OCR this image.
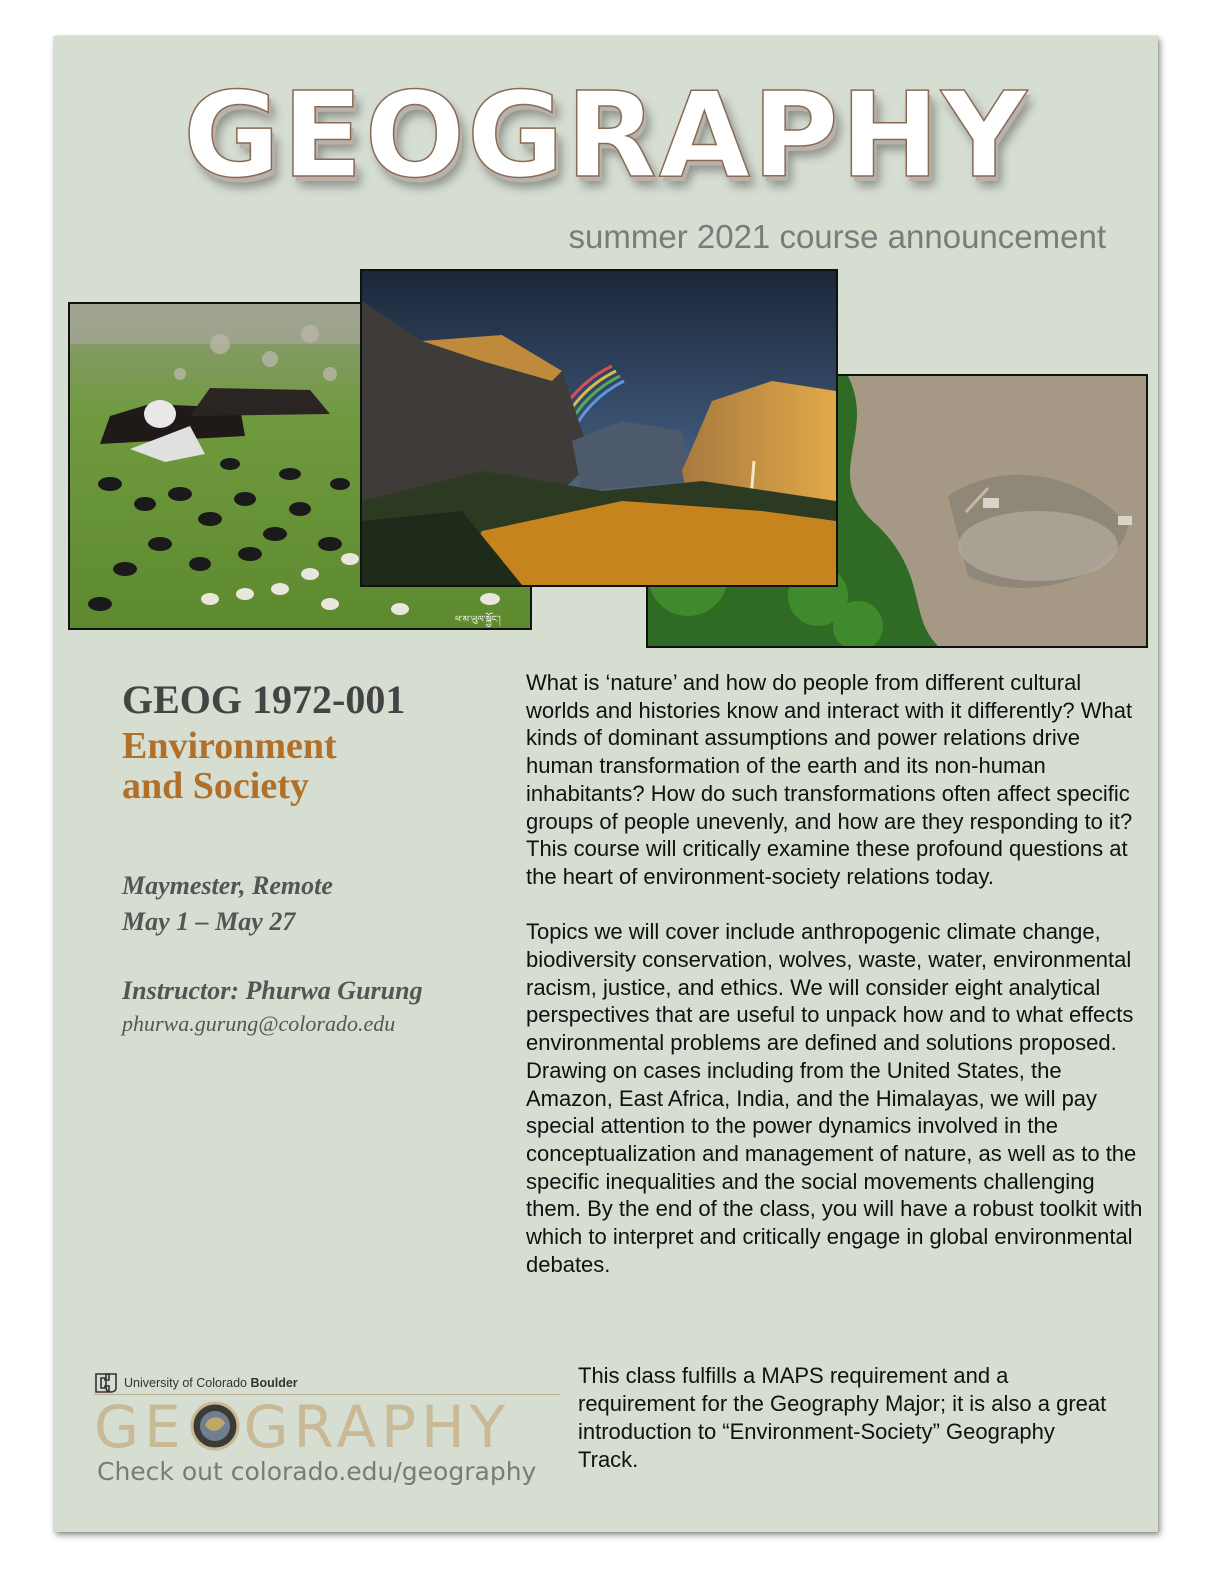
GEOGRAPHY
summer 2021 course announcement
ཕ་མ་ཡུལ་སྐྱོང་།
GEOG 1972-001
Environment
and Society
Maymester, Remote
May 1 – May 27
Instructor: Phurwa Gurung
phurwa.gurung@colorado.edu

What is ‘nature’ and how do people from different cultural worlds and histories know and interact with it differently? What kinds of dominant assumptions and power relations drive human transformation of the earth and its non-human inhabitants? How do such transformations often affect specific groups of people unevenly, and how are they responding to it? This course will critically examine these profound questions at the heart of environment-society relations today.

Topics we will cover include anthropogenic climate change, biodiversity conservation, wolves, waste, water, environmental racism, justice, and ethics. We will consider eight analytical perspectives that are useful to unpack how and to what effects environmental problems are defined and solutions proposed. Drawing on cases including from the United States, the Amazon, East Africa, India, and the Himalayas, we will pay special attention to the power dynamics involved in the conceptualization and management of nature, as well as to the specific inequalities and the social movements challenging them. By the end of the class, you will have a robust toolkit with which to interpret and critically engage in global environmental debates.

University of Colorado Boulder
GE GRAPHY
Check out colorado.edu/geography
This class fulfills a MAPS requirement and a requirement for the Geography Major; it is also a great introduction to “Environment-Society” Geography Track.
